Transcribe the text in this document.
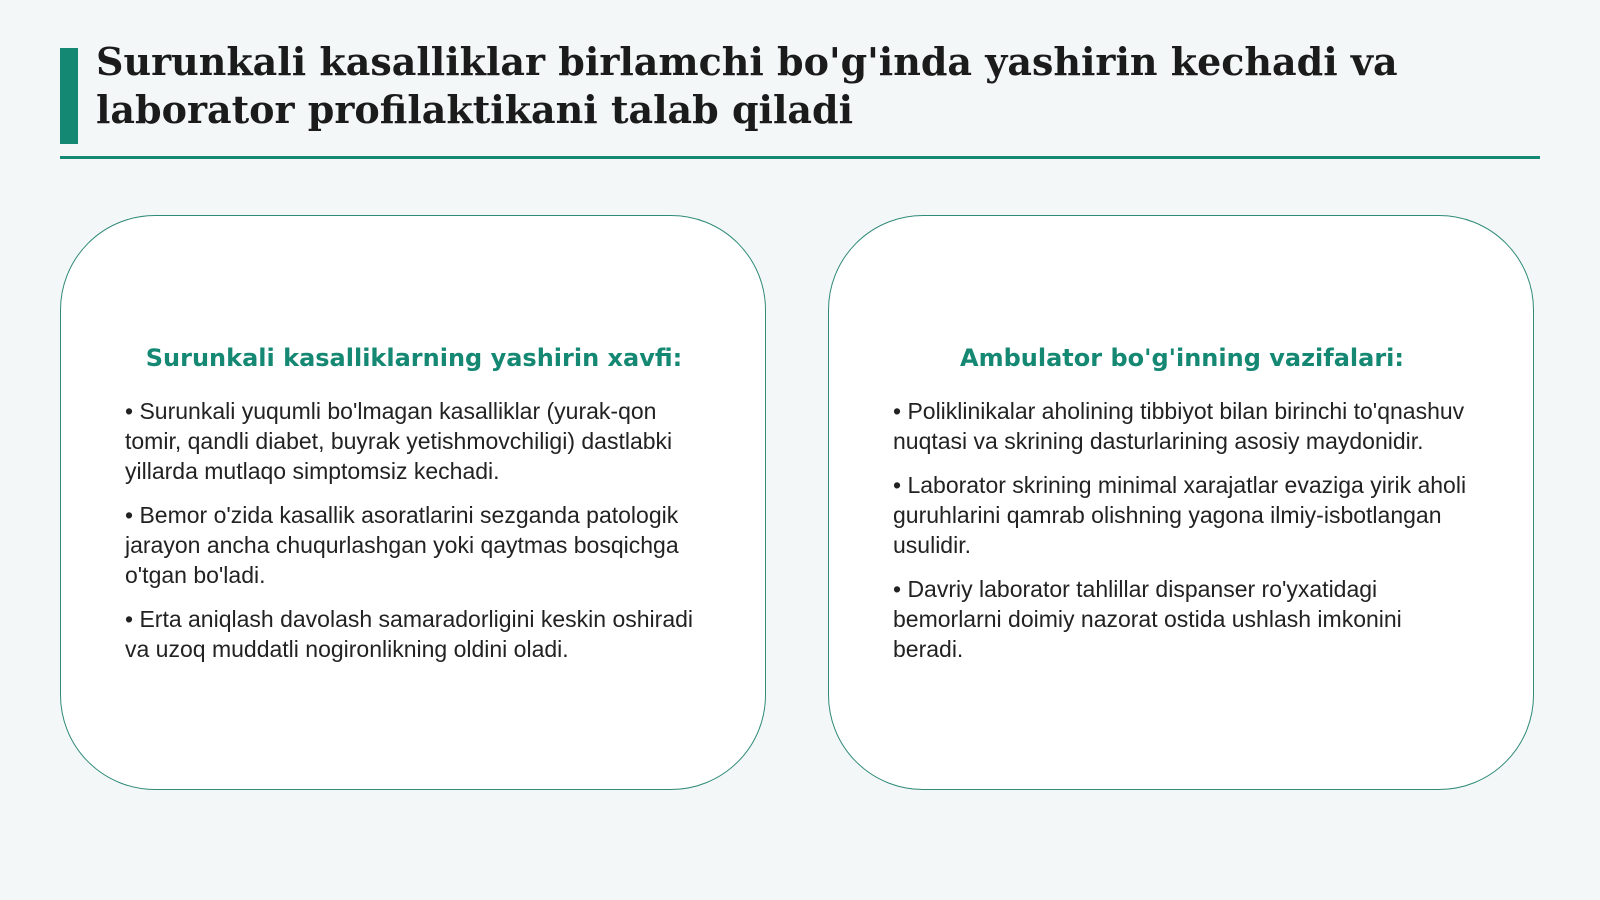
Surunkali kasalliklar birlamchi bo'g'inda yashirin kechadi va laborator profilaktikani talab qiladi
Surunkali kasalliklarning yashirin xavfi:
• Surunkali yuqumli bo'lmagan kasalliklar (yurak-qon tomir, qandli diabet, buyrak yetishmovchiligi) dastlabki yillarda mutlaqo simptomsiz kechadi.
• Bemor o'zida kasallik asoratlarini sezganda patologik jarayon ancha chuqurlashgan yoki qaytmas bosqichga o'tgan bo'ladi.
• Erta aniqlash davolash samaradorligini keskin oshiradi va uzoq muddatli nogironlikning oldini oladi.
Ambulator bo'g'inning vazifalari:
• Poliklinikalar aholining tibbiyot bilan birinchi to'qnashuv nuqtasi va skrining dasturlarining asosiy maydonidir.
• Laborator skrining minimal xarajatlar evaziga yirik aholi guruhlarini qamrab olishning yagona ilmiy-isbotlangan usulidir.
• Davriy laborator tahlillar dispanser ro'yxatidagi bemorlarni doimiy nazorat ostida ushlash imkonini beradi.
